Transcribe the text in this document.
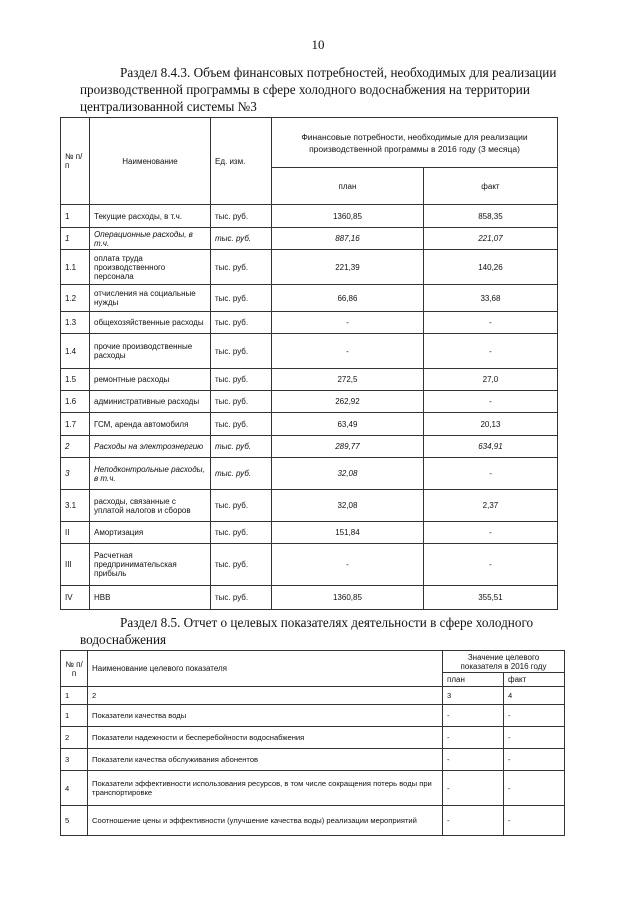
10
Раздел 8.4.3. Объем финансовых потребностей, необходимых для реализации
производственной программы в сфере холодного водоснабжения на территории
централизованной системы №3
№ п/п	Наименование	Ед. изм.	Финансовые потребности, необходимые для реализации производственной программы в 2016 году (3 месяца)	
			план	факт
1	Текущие расходы, в т.ч.	тыс. руб.	1360,85	858,35
1	Операционные расходы, в т.ч.	тыс. руб.	887,16	221,07
1.1	оплата труда производственного персонала	тыс. руб.	221,39	140,26
1.2	отчисления на социальные нужды	тыс. руб.	66,86	33,68
1.3	общехозяйственные расходы	тыс. руб.	-	-
1.4	прочие производственные расходы	тыс. руб.	-	-
1.5	ремонтные расходы	тыс. руб.	272,5	27,0
1.6	административные расходы	тыс. руб.	262,92	-
1.7	ГСМ, аренда автомобиля	тыс. руб.	63,49	20,13
2	Расходы на электроэнергию	тыс. руб.	289,77	634,91
3	Неподконтрольные расходы, в т.ч.	тыс. руб.	32,08	-
3.1	расходы, связанные с уплатой налогов и сборов	тыс. руб.	32,08	2,37
II	Амортизация	тыс. руб.	151,84	-
III	Расчетная предпринимательская прибыль	тыс. руб.	-	-
IV	НВВ	тыс. руб.	1360,85	355,51
Раздел 8.5. Отчет о целевых показателях деятельности в сфере холодного
водоснабжения
№ п/п	Наименование целевого показателя	Значение целевого показателя в 2016 году	
		план	факт
1	2	3	4
1	Показатели качества воды	-	-
2	Показатели надежности и бесперебойности водоснабжения	-	-
3	Показатели качества обслуживания абонентов	-	-
4	Показатели эффективности использования ресурсов, в том числе сокращения потерь воды при транспортировке	-	-
5	Соотношение цены и эффективности (улучшение качества воды) реализации мероприятий	-	-
